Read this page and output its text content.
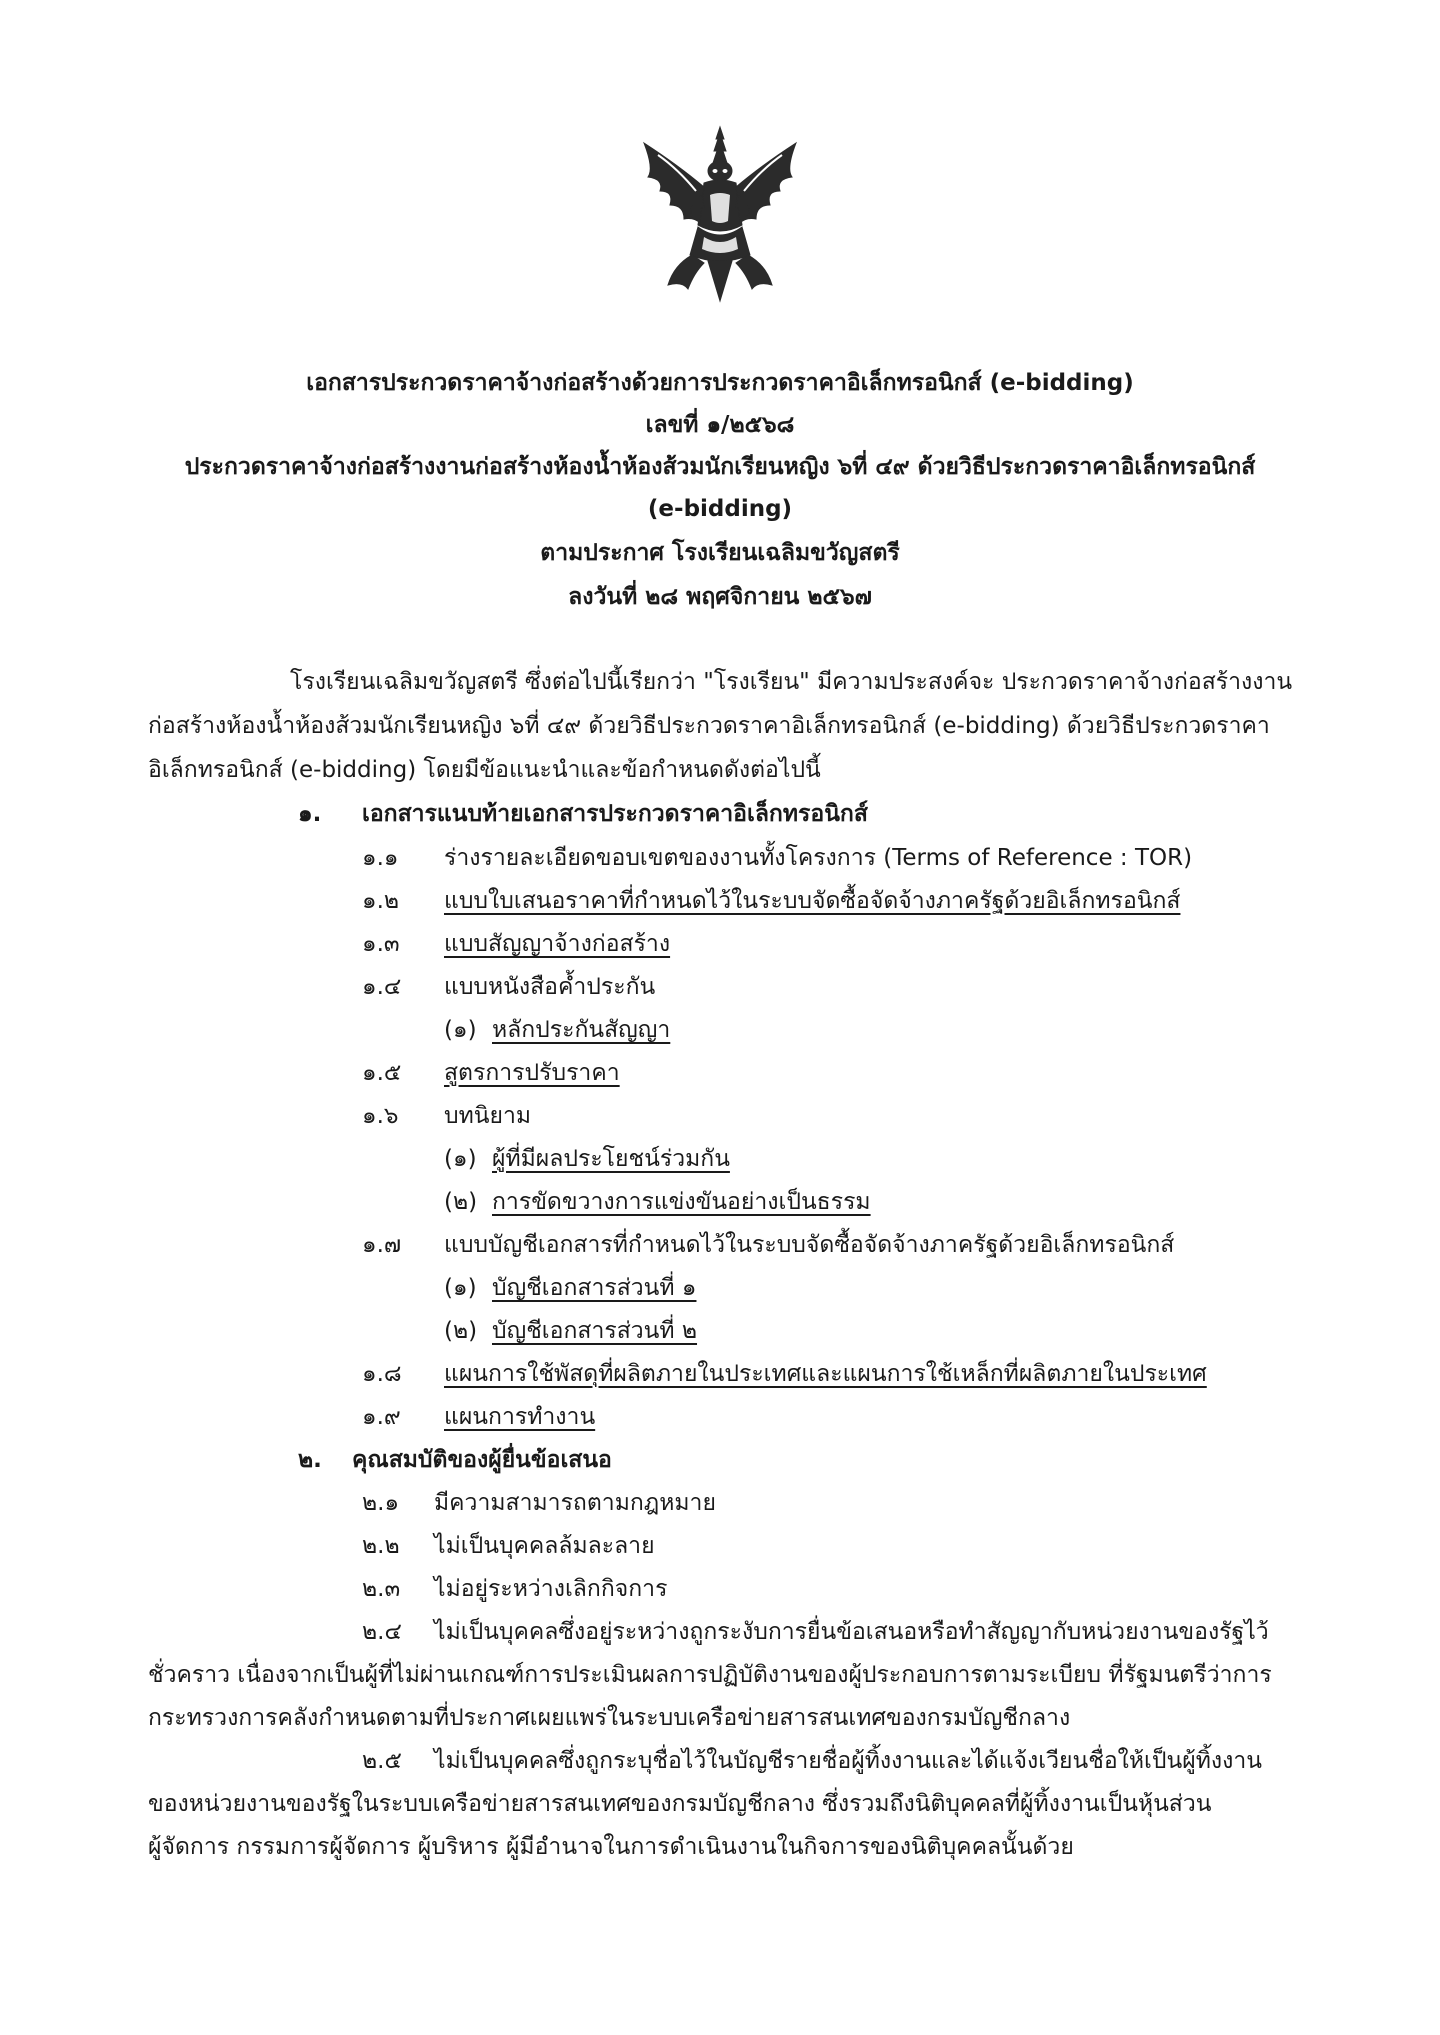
เอกสารประกวดราคาจ้างก่อสร้างด้วยการประกวดราคาอิเล็กทรอนิกส์ (e-bidding)
เลขที่ ๑/๒๕๖๘
ประกวดราคาจ้างก่อสร้างงานก่อสร้างห้องน้ำห้องส้วมนักเรียนหญิง ๖ที่ ๔๙ ด้วยวิธีประกวดราคาอิเล็กทรอนิกส์
(e-bidding)
ตามประกาศ โรงเรียนเฉลิมขวัญสตรี
ลงวันที่ ๒๘ พฤศจิกายน ๒๕๖๗
โรงเรียนเฉลิมขวัญสตรี ซึ่งต่อไปนี้เรียกว่า "โรงเรียน" มีความประสงค์จะ ประกวดราคาจ้างก่อสร้างงาน
ก่อสร้างห้องน้ำห้องส้วมนักเรียนหญิง ๖ที่ ๔๙ ด้วยวิธีประกวดราคาอิเล็กทรอนิกส์ (e-bidding) ด้วยวิธีประกวดราคา
อิเล็กทรอนิกส์ (e-bidding) โดยมีข้อแนะนำและข้อกำหนดดังต่อไปนี้
๑. เอกสารแนบท้ายเอกสารประกวดราคาอิเล็กทรอนิกส์
๑.๑ ร่างรายละเอียดขอบเขตของงานทั้งโครงการ (Terms of Reference : TOR)
๑.๒ แบบใบเสนอราคาที่กำหนดไว้ในระบบจัดซื้อจัดจ้างภาครัฐด้วยอิเล็กทรอนิกส์
๑.๓ แบบสัญญาจ้างก่อสร้าง
๑.๔ แบบหนังสือค้ำประกัน
(๑) หลักประกันสัญญา
๑.๕ สูตรการปรับราคา
๑.๖ บทนิยาม
(๑) ผู้ที่มีผลประโยชน์ร่วมกัน
(๒) การขัดขวางการแข่งขันอย่างเป็นธรรม
๑.๗ แบบบัญชีเอกสารที่กำหนดไว้ในระบบจัดซื้อจัดจ้างภาครัฐด้วยอิเล็กทรอนิกส์
(๑) บัญชีเอกสารส่วนที่ ๑
(๒) บัญชีเอกสารส่วนที่ ๒
๑.๘ แผนการใช้พัสดุที่ผลิตภายในประเทศและแผนการใช้เหล็กที่ผลิตภายในประเทศ
๑.๙ แผนการทำงาน
๒. คุณสมบัติของผู้ยื่นข้อเสนอ
๒.๑ มีความสามารถตามกฎหมาย
๒.๒ ไม่เป็นบุคคลล้มละลาย
๒.๓ ไม่อยู่ระหว่างเลิกกิจการ
๒.๔ ไม่เป็นบุคคลซึ่งอยู่ระหว่างถูกระงับการยื่นข้อเสนอหรือทำสัญญากับหน่วยงานของรัฐไว้
ชั่วคราว เนื่องจากเป็นผู้ที่ไม่ผ่านเกณฑ์การประเมินผลการปฏิบัติงานของผู้ประกอบการตามระเบียบ ที่รัฐมนตรีว่าการ
กระทรวงการคลังกำหนดตามที่ประกาศเผยแพร่ในระบบเครือข่ายสารสนเทศของกรมบัญชีกลาง
๒.๕ ไม่เป็นบุคคลซึ่งถูกระบุชื่อไว้ในบัญชีรายชื่อผู้ทิ้งงานและได้แจ้งเวียนชื่อให้เป็นผู้ทิ้งงาน
ของหน่วยงานของรัฐในระบบเครือข่ายสารสนเทศของกรมบัญชีกลาง ซึ่งรวมถึงนิติบุคคลที่ผู้ทิ้งงานเป็นหุ้นส่วน
ผู้จัดการ กรรมการผู้จัดการ ผู้บริหาร ผู้มีอำนาจในการดำเนินงานในกิจการของนิติบุคคลนั้นด้วย
